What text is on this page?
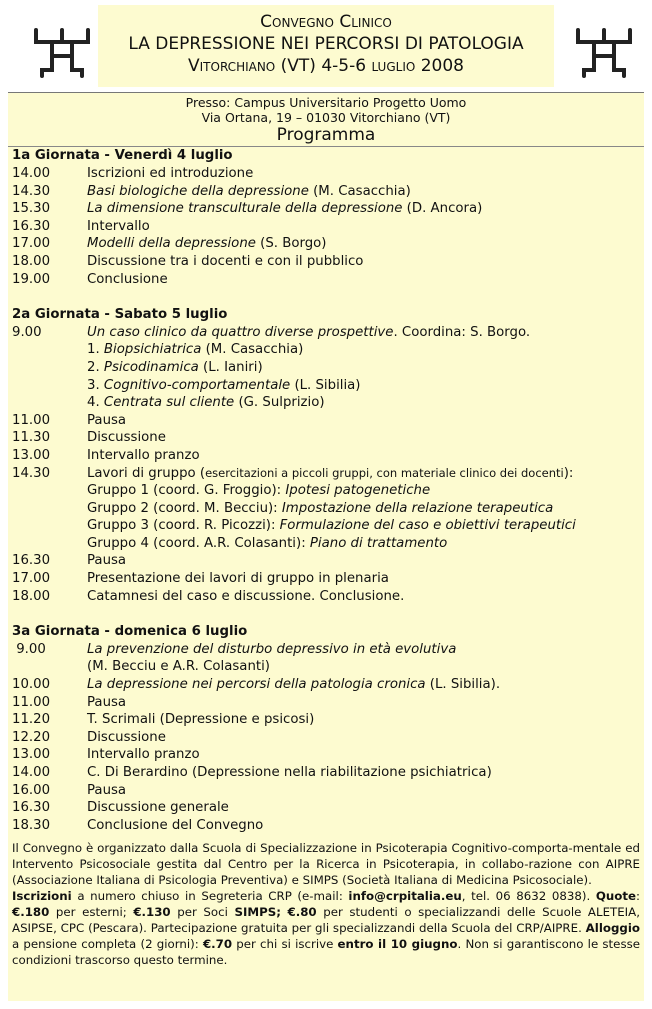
Convegno Clinico
LA DEPRESSIONE NEI PERCORSI DI PATOLOGIA
Vitorchiano (VT) 4-5-6 luglio 2008
Presso: Campus Universitario Progetto Uomo
Via Ortana, 19 – 01030 Vitorchiano (VT)
Programma
1a Giornata - Venerdì 4 luglio
14.00	Iscrizioni ed introduzione
14.30	Basi biologiche della depressione (M. Casacchia)
15.30	La dimensione transculturale della depressione (D. Ancora)
16.30	Intervallo
17.00	Modelli della depressione (S. Borgo)
18.00	Discussione tra i docenti e con il pubblico
19.00	Conclusione
2a Giornata - Sabato 5 luglio
9.00	Un caso clinico da quattro diverse prospettive. Coordina: S. Borgo.
1. Biopsichiatrica (M. Casacchia)
2. Psicodinamica (L. Ianiri)
3. Cognitivo-comportamentale (L. Sibilia)
4. Centrata sul cliente (G. Sulprizio)
11.00	Pausa
11.30	Discussione
13.00	Intervallo pranzo
14.30	Lavori di gruppo (esercitazioni a piccoli gruppi, con materiale clinico dei docenti):
Gruppo 1 (coord. G. Froggio): Ipotesi patogenetiche
Gruppo 2 (coord. M. Becciu): Impostazione della relazione terapeutica
Gruppo 3 (coord. R. Picozzi): Formulazione del caso e obiettivi terapeutici
Gruppo 4 (coord. A.R. Colasanti): Piano di trattamento
16.30	Pausa
17.00	Presentazione dei lavori di gruppo in plenaria
18.00	Catamnesi del caso e discussione. Conclusione.
3a Giornata - domenica 6 luglio
9.00	La prevenzione del disturbo depressivo in età evolutiva
(M. Becciu e A.R. Colasanti)
10.00	La depressione nei percorsi della patologia cronica (L. Sibilia).
11.00	Pausa
11.20	T. Scrimali (Depressione e psicosi)
12.20	Discussione
13.00	Intervallo pranzo
14.00	C. Di Berardino (Depressione nella riabilitazione psichiatrica)
16.00	Pausa
16.30	Discussione generale
18.30	Conclusione del Convegno
Il Convegno è organizzato dalla Scuola di Specializzazione in Psicoterapia Cognitivo-comporta-mentale ed Intervento Psicosociale gestita dal Centro per la Ricerca in Psicoterapia, in collabo-razione con AIPRE (Associazione Italiana di Psicologia Preventiva) e SIMPS (Società Italiana di Medicina Psicosociale).
Iscrizioni a numero chiuso in Segreteria CRP (e-mail: info@crpitalia.eu, tel. 06 8632 0838). Quote: €.180 per esterni; €.130 per Soci SIMPS; €.80 per studenti o specializzandi delle Scuole ALETEIA, ASIPSE, CPC (Pescara). Partecipazione gratuita per gli specializzandi della Scuola del CRP/AIPRE. Alloggio a pensione completa (2 giorni): €.70 per chi si iscrive entro il 10 giugno. Non si garantiscono le stesse condizioni trascorso questo termine.
